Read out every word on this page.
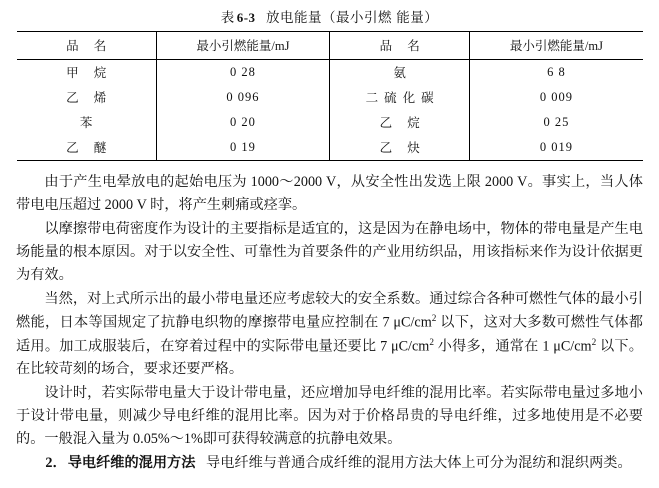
表 6-3 放电能量（最小引燃 能量）
品 名	最小引燃能量/mJ	品 名	最小引燃能量/mJ
甲 烷	0 28	氨	6 8
乙 烯	0 096	二硫化碳	0 009
苯	0 20	乙 烷	0 25
乙 醚	0 19	乙 炔	0 019

由于产生电晕放电的起始电压为 1000～2000 V，从安全性出发选上限 2000 V。事实上，当人体带电电压超过 2000 V 时，将产生刺痛或痉挛。

以摩擦带电荷密度作为设计的主要指标是适宜的，这是因为在静电场中，物体的带电量是产生电场能量的根本原因。对于以安全性、可靠性为首要条件的产业用纺织品，用该指标来作为设计依据更为有效。

当然，对上式所示出的最小带电量还应考虑较大的安全系数。通过综合各种可燃性气体的最小引燃能，日本等国规定了抗静电织物的摩擦带电量应控制在 7 $\mu C/cm^2$ 以下，这对大多数可燃性气体都适用。加工成服装后，在穿着过程中的实际带电量还要比 7 $\mu C/cm^2$ 小得多，通常在 1 $\mu C/cm^2$ 以下。在比较苛刻的场合，要求还要严格。

设计时，若实际带电量大于设计带电量，还应增加导电纤维的混用比率。若实际带电量过多地小于设计带电量，则减少导电纤维的混用比率。因为对于价格昂贵的导电纤维，过多地使用是不必要的。一般混入量为 0.05%～1%即可获得较满意的抗静电效果。

2．导电纤维的混用方法 导电纤维与普通合成纤维的混用方法大体上可分为混纺和混织两类。
